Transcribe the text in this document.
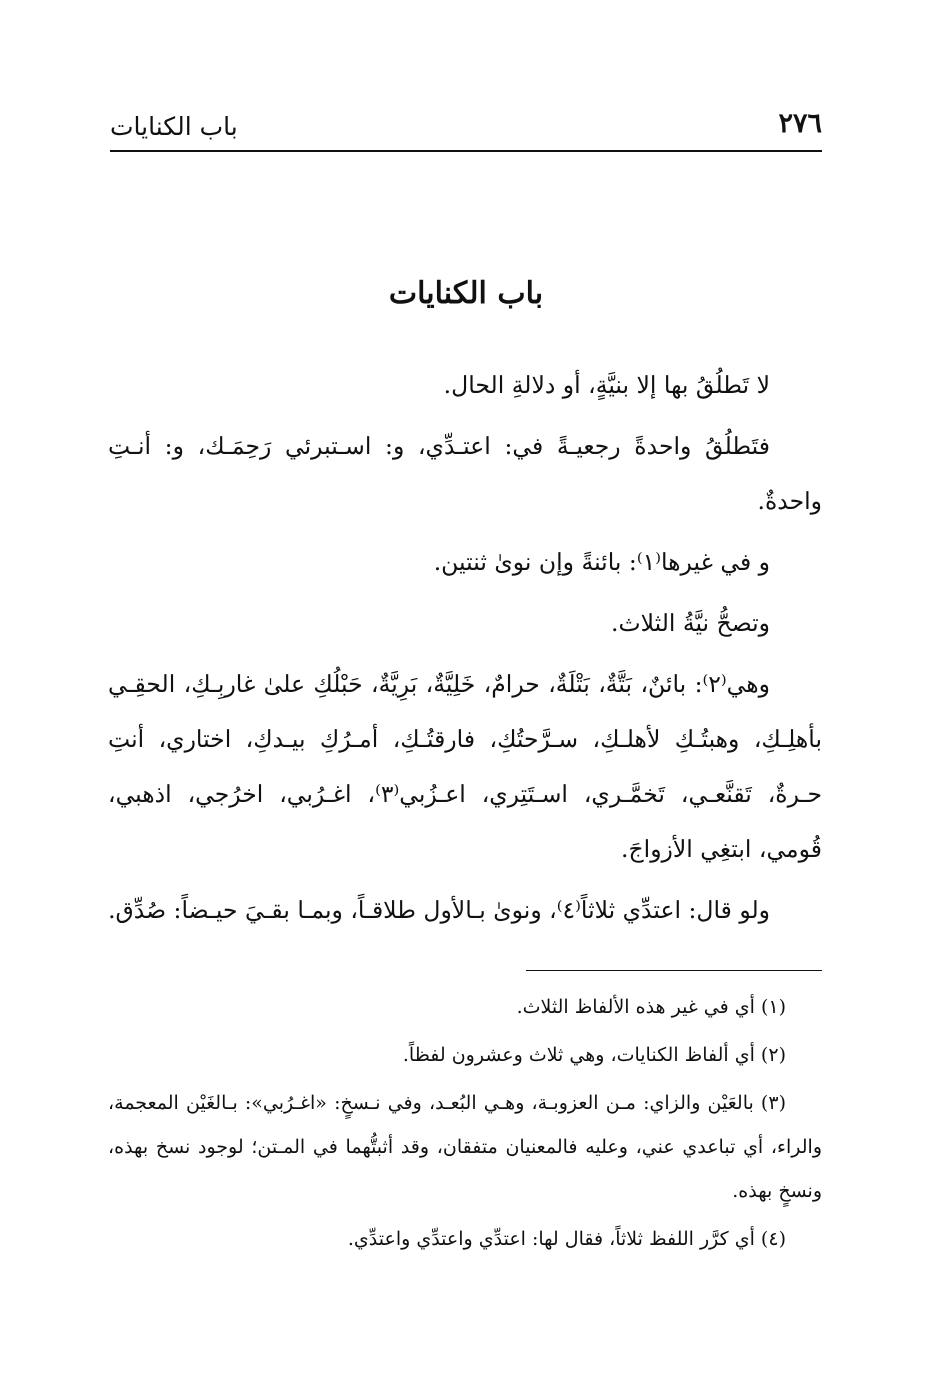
باب الكنايات	٢٧٦
باب الكنايات

لا تَطلُقُ بها إلا بنيَّةٍ، أو دلالةِ الحال.

فتَطلُقُ واحدةً رجعيـةً في: اعتـدِّي، و: اسـتبرئي رَحِمَـك، و: أنـتِ واحدةٌ.

و في غيرها⁽١⁾: بائنةً وإن نوىٰ ثنتين.

وتصحُّ نيَّةُ الثلاث.

وهي⁽٢⁾: بائنٌ، بَتَّةٌ، بَتْلَةٌ، حرامٌ، خَلِيَّةٌ، بَرِيَّةٌ، حَبْلُكِ علىٰ غاربِـكِ، الحقِـي بأهلِـكِ، وهبتُـكِ لأهلـكِ، سـرَّحتُكِ، فارقتُـكِ، أمـرُكِ بيـدكِ، اختاري، أنتِ حـرةٌ، تَقنَّعـي، تَخمَّـري، اسـتَتِري، اعـزُبي⁽٣⁾، اغـرُبي، اخرُجي، اذهبي، قُومي، ابتغِي الأزواجَ.

ولو قال: اعتدِّي ثلاثاً⁽٤⁾، ونوىٰ بـالأول طلاقـاً، وبمـا بقـيَ حيـضاً: صُدِّق.

(١) أي في غير هذه الألفاظ الثلاث.

(٢) أي ألفاظ الكنايات، وهي ثلاث وعشرون لفظاً.

(٣) بالعَيْن والزاي: مـن العزوبـة، وهـي البُعـد، وفي نـسخٍ: «اغـرُبي»: بـالغَيْن المعجمة، والراء، أي تباعدي عني، وعليه فالمعنيان متفقان، وقد أثبتُّهما في المـتن؛ لوجود نسخ بهذه، ونسخٍ بهذه.

(٤) أي كرَّر اللفظ ثلاثاً، فقال لها: اعتدِّي واعتدِّي واعتدِّي.
